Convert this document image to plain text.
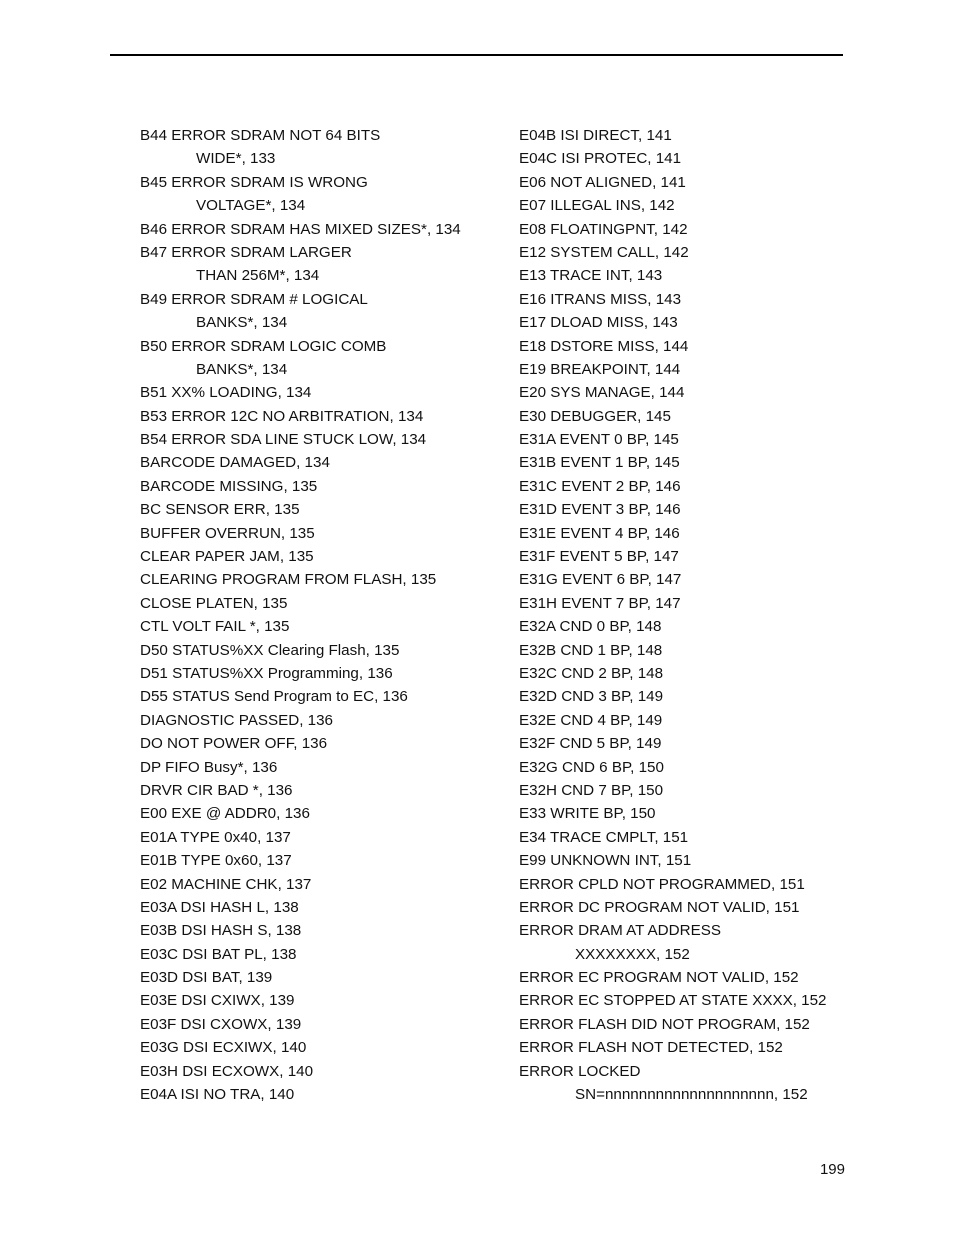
B44 ERROR SDRAM NOT 64 BITS
WIDE*, 133
B45 ERROR SDRAM IS WRONG
VOLTAGE*, 134
B46 ERROR SDRAM HAS MIXED SIZES*, 134
B47 ERROR SDRAM LARGER
THAN 256M*, 134
B49 ERROR SDRAM # LOGICAL
BANKS*, 134
B50 ERROR SDRAM LOGIC COMB
BANKS*, 134
B51 XX% LOADING, 134
B53 ERROR 12C NO ARBITRATION, 134
B54 ERROR SDA LINE STUCK LOW, 134
BARCODE DAMAGED, 134
BARCODE MISSING, 135
BC SENSOR ERR, 135
BUFFER OVERRUN, 135
CLEAR PAPER JAM, 135
CLEARING PROGRAM FROM FLASH, 135
CLOSE PLATEN, 135
CTL VOLT FAIL *, 135
D50 STATUS%XX Clearing Flash, 135
D51 STATUS%XX Programming, 136
D55 STATUS Send Program to EC, 136
DIAGNOSTIC PASSED, 136
DO NOT POWER OFF, 136
DP FIFO Busy*, 136
DRVR CIR BAD *, 136
E00 EXE @ ADDR0, 136
E01A TYPE 0x40, 137
E01B TYPE 0x60, 137
E02 MACHINE CHK, 137
E03A DSI HASH L, 138
E03B DSI HASH S, 138
E03C DSI BAT PL, 138
E03D DSI BAT, 139
E03E DSI CXIWX, 139
E03F DSI CXOWX, 139
E03G DSI ECXIWX, 140
E03H DSI ECXOWX, 140
E04A ISI NO TRA, 140
E04B ISI DIRECT, 141
E04C ISI PROTEC, 141
E06 NOT ALIGNED, 141
E07 ILLEGAL INS, 142
E08 FLOATINGPNT, 142
E12 SYSTEM CALL, 142
E13 TRACE INT, 143
E16 ITRANS MISS, 143
E17 DLOAD MISS, 143
E18 DSTORE MISS, 144
E19 BREAKPOINT, 144
E20 SYS MANAGE, 144
E30 DEBUGGER, 145
E31A EVENT 0 BP, 145
E31B EVENT 1 BP, 145
E31C EVENT 2 BP, 146
E31D EVENT 3 BP, 146
E31E EVENT 4 BP, 146
E31F EVENT 5 BP, 147
E31G EVENT 6 BP, 147
E31H EVENT 7 BP, 147
E32A CND 0 BP, 148
E32B CND 1 BP, 148
E32C CND 2 BP, 148
E32D CND 3 BP, 149
E32E CND 4 BP, 149
E32F CND 5 BP, 149
E32G CND 6 BP, 150
E32H CND 7 BP, 150
E33 WRITE BP, 150
E34 TRACE CMPLT, 151
E99 UNKNOWN INT, 151
ERROR CPLD NOT PROGRAMMED, 151
ERROR DC PROGRAM NOT VALID, 151
ERROR DRAM AT ADDRESS
XXXXXXXX, 152
ERROR EC PROGRAM NOT VALID, 152
ERROR EC STOPPED AT STATE XXXX, 152
ERROR FLASH DID NOT PROGRAM, 152
ERROR FLASH NOT DETECTED, 152
ERROR LOCKED
SN=nnnnnnnnnnnnnnnnnnnn, 152
199
